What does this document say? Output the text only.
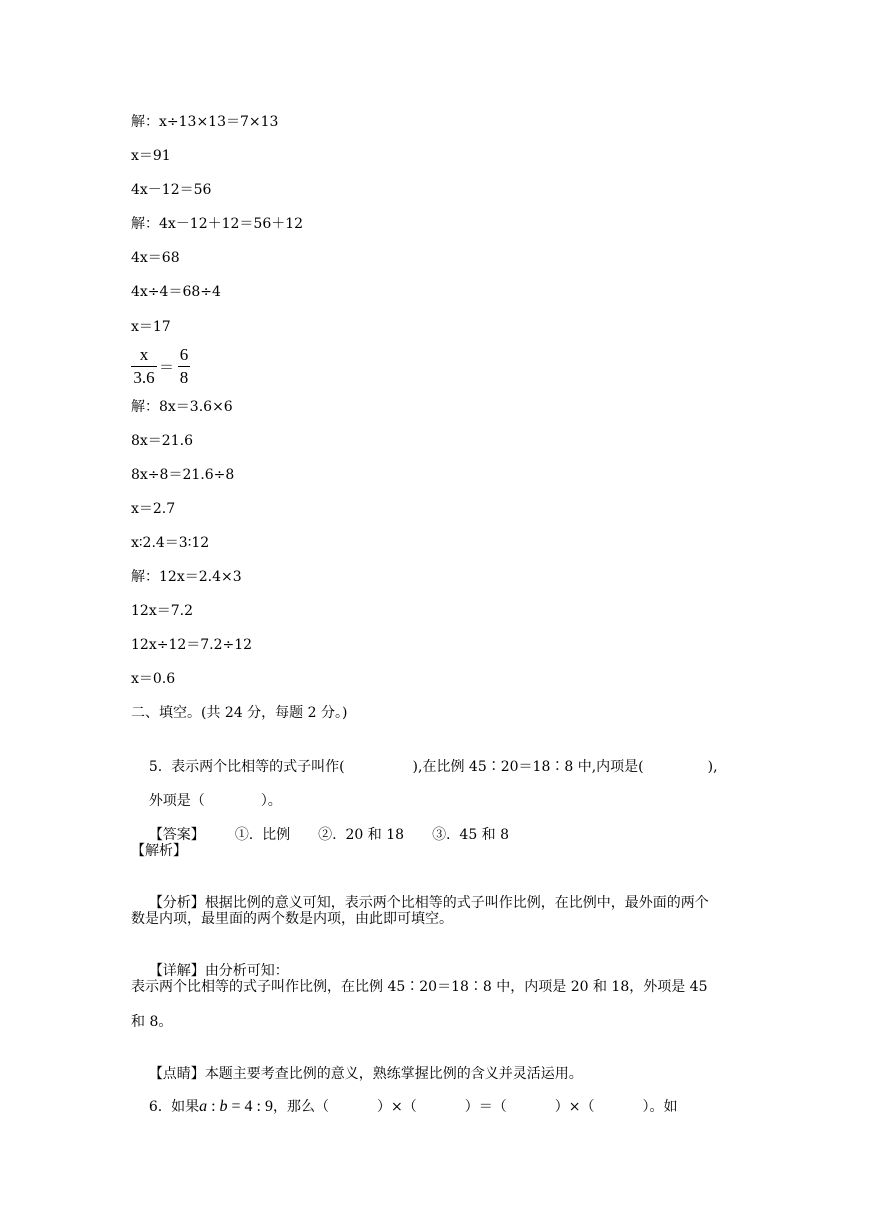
解：x÷13×13＝7×13
x＝91
4x－12＝56
解：4x－12＋12＝56＋12
4x＝68
4x÷4＝68÷4
x＝17
x
3.6 ＝
6
8
解：8x＝3.6×6
8x＝21.6
8x÷8＝21.6÷8
x＝2.7
x∶2.4＝3∶12
解：12x＝2.4×3
12x＝7.2
12x÷12＝7.2÷12
x＝0.6
二、填空。(共 24 分，每题 2 分。)

5.  表示两个比相等的式子叫作(	),在比例 45∶20＝18∶8 中,内项是(	),

外项是（	）。

【答案】 ①.  比例 ②.  20 和 18 ③.  45 和 8

【解析】

【分析】根据比例的意义可知，表示两个比相等的式子叫作比例，在比例中，最外面的两个

数是内项，最里面的两个数是内项，由此即可填空。

【详解】由分析可知：

表示两个比相等的式子叫作比例，在比例 45∶20＝18∶8 中，内项是 20 和 18，外项是 45
和 8。

【点睛】本题主要考查比例的意义，熟练掌握比例的含义并灵活运用。

6.  如果a : b = 4 : 9，那么（	）×（	）＝（	）×（	）。如
